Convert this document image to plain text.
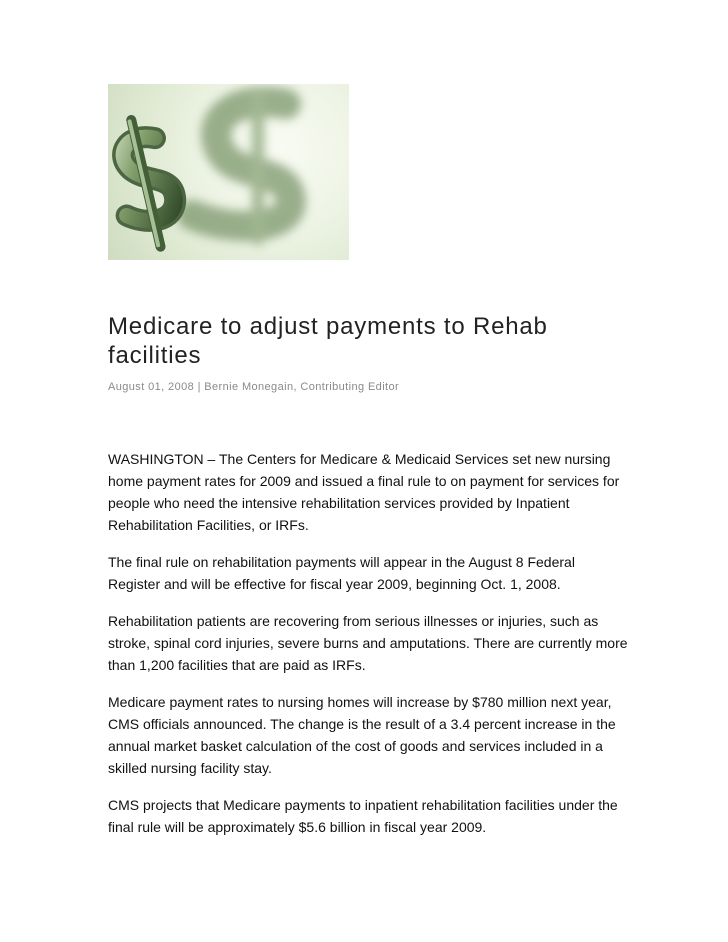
Medicare to adjust payments to Rehab facilities

August 01, 2008 | Bernie Monegain, Contributing Editor

WASHINGTON – The Centers for Medicare & Medicaid Services set new nursing home payment rates for 2009 and issued a final rule to on payment for services for people who need the intensive rehabilitation services provided by Inpatient Rehabilitation Facilities, or IRFs.

The final rule on rehabilitation payments will appear in the August 8 Federal Register and will be effective for fiscal year 2009, beginning Oct. 1, 2008.

Rehabilitation patients are recovering from serious illnesses or injuries, such as stroke, spinal cord injuries, severe burns and amputations. There are currently more than 1,200 facilities that are paid as IRFs.

Medicare payment rates to nursing homes will increase by $780 million next year, CMS officials announced. The change is the result of a 3.4 percent increase in the annual market basket calculation of the cost of goods and services included in a skilled nursing facility stay.

CMS projects that Medicare payments to inpatient rehabilitation facilities under the final rule will be approximately $5.6 billion in fiscal year 2009.
